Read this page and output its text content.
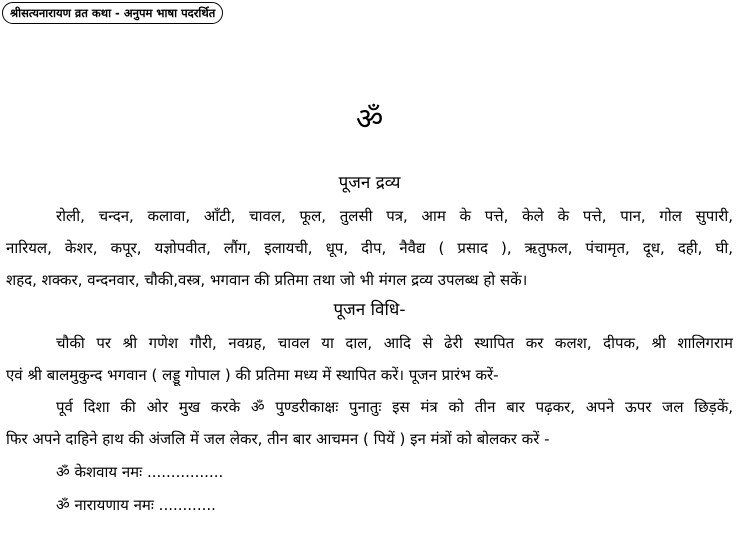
श्रीसत्यनारायण व्रत कथा - अनुपम भाषा पदरर्थित
ॐ
पूजन द्रव्य
रोली, चन्दन, कलावा, आँटी, चावल, फूल, तुलसी पत्र, आम के पत्ते, केले के पत्ते, पान, गोल सुपारी,
नारियल, केशर, कपूर, यज्ञोपवीत, लौंग, इलायची, धूप, दीप, नैवैद्य ( प्रसाद ), ऋतुफल, पंचामृत, दूध, दही, घी,
शहद, शक्कर, वन्दनवार, चौकी,वस्त्र, भगवान की प्रतिमा तथा जो भी मंगल द्रव्य उपलब्ध हो सकें।
पूजन विधि-
चौकी पर श्री गणेश गौरी, नवग्रह, चावल या दाल, आदि से ढेरी स्थापित कर कलश, दीपक, श्री शालिगराम
एवं श्री बालमुकुन्द भगवान ( लड्डू गोपाल ) की प्रतिमा मध्य में स्थापित करें। पूजन प्रारंभ करें-
पूर्व दिशा की ओर मुख करके ॐ पुण्डरीकाक्षः पुनातुः इस मंत्र को तीन बार पढ़कर, अपने ऊपर जल छिड़कें,
फिर अपने दाहिने हाथ की अंजलि में जल लेकर, तीन बार आचमन ( पियें ) इन मंत्रों को बोलकर करें -
ॐ केशवाय नमः ................
ॐ नारायणाय नमः ............
